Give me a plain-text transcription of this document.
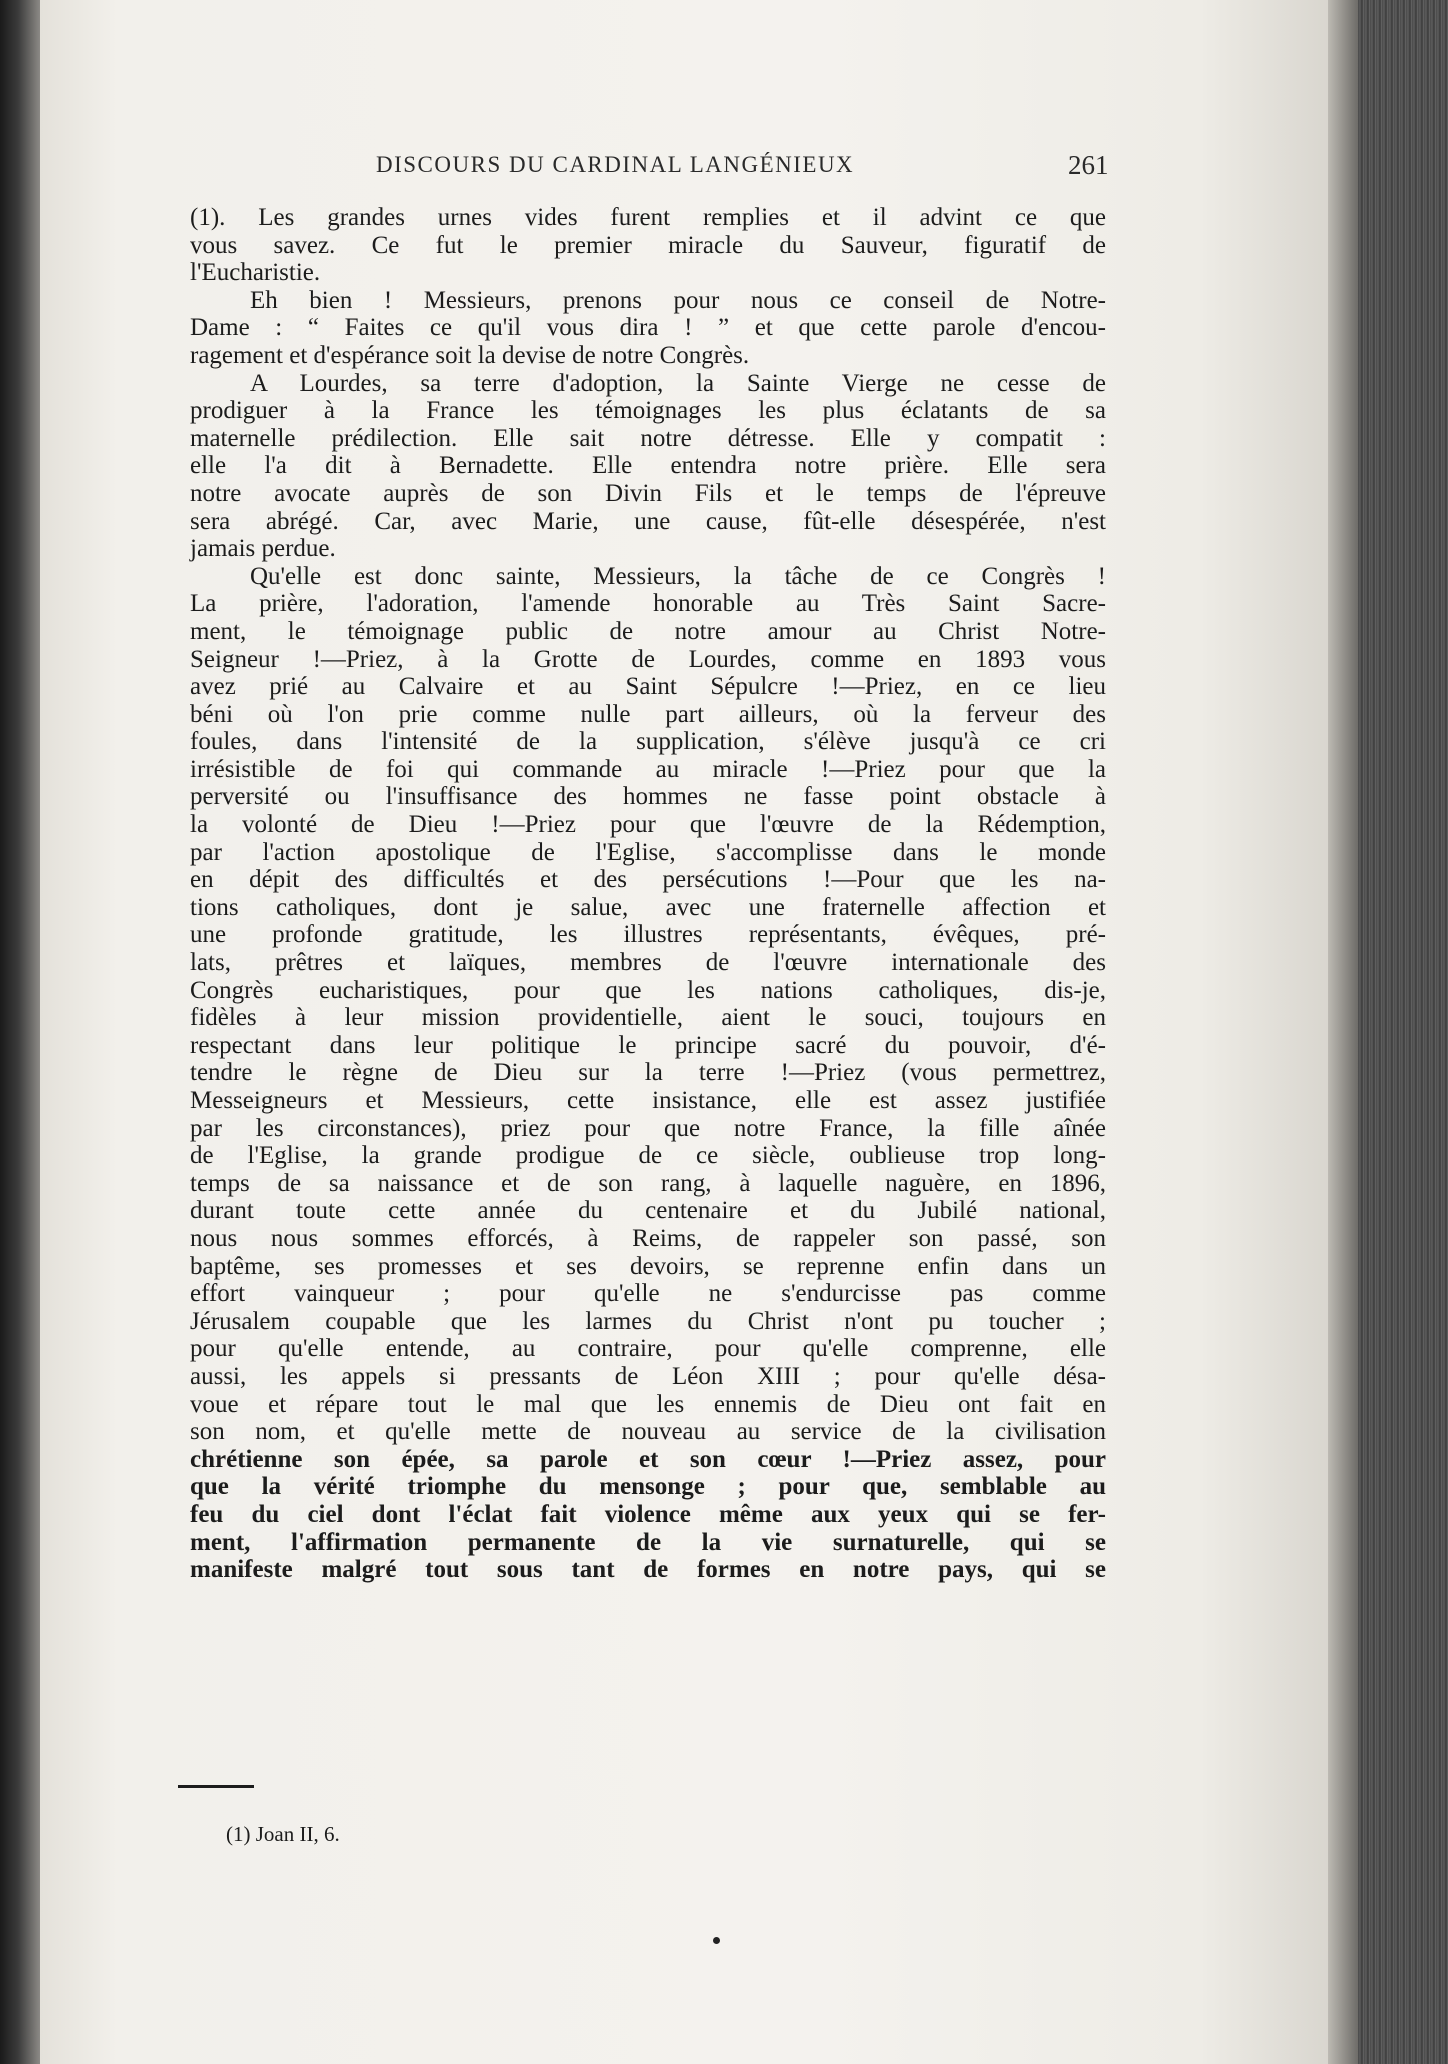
DISCOURS DU CARDINAL LANGÉNIEUX	261
(1). Les grandes urnes vides furent remplies et il advint ce que
vous savez. Ce fut le premier miracle du Sauveur, figuratif de
l'Eucharistie.
Eh bien ! Messieurs, prenons pour nous ce conseil de Notre-
Dame : “ Faites ce qu'il vous dira ! ” et que cette parole d'encou-
ragement et d'espérance soit la devise de notre Congrès.
A Lourdes, sa terre d'adoption, la Sainte Vierge ne cesse de
prodiguer à la France les témoignages les plus éclatants de sa
maternelle prédilection. Elle sait notre détresse. Elle y compatit :
elle l'a dit à Bernadette. Elle entendra notre prière. Elle sera
notre avocate auprès de son Divin Fils et le temps de l'épreuve
sera abrégé. Car, avec Marie, une cause, fût-elle désespérée, n'est
jamais perdue.
Qu'elle est donc sainte, Messieurs, la tâche de ce Congrès !
La prière, l'adoration, l'amende honorable au Très Saint Sacre-
ment, le témoignage public de notre amour au Christ Notre-
Seigneur !—Priez, à la Grotte de Lourdes, comme en 1893 vous
avez prié au Calvaire et au Saint Sépulcre !—Priez, en ce lieu
béni où l'on prie comme nulle part ailleurs, où la ferveur des
foules, dans l'intensité de la supplication, s'élève jusqu'à ce cri
irrésistible de foi qui commande au miracle !—Priez pour que la
perversité ou l'insuffisance des hommes ne fasse point obstacle à
la volonté de Dieu !—Priez pour que l'œuvre de la Rédemption,
par l'action apostolique de l'Eglise, s'accomplisse dans le monde
en dépit des difficultés et des persécutions !—Pour que les na-
tions catholiques, dont je salue, avec une fraternelle affection et
une profonde gratitude, les illustres représentants, évêques, pré-
lats, prêtres et laïques, membres de l'œuvre internationale des
Congrès eucharistiques, pour que les nations catholiques, dis-je,
fidèles à leur mission providentielle, aient le souci, toujours en
respectant dans leur politique le principe sacré du pouvoir, d'é-
tendre le règne de Dieu sur la terre !—Priez (vous permettrez,
Messeigneurs et Messieurs, cette insistance, elle est assez justifiée
par les circonstances), priez pour que notre France, la fille aînée
de l'Eglise, la grande prodigue de ce siècle, oublieuse trop long-
temps de sa naissance et de son rang, à laquelle naguère, en 1896,
durant toute cette année du centenaire et du Jubilé national,
nous nous sommes efforcés, à Reims, de rappeler son passé, son
baptême, ses promesses et ses devoirs, se reprenne enfin dans un
effort vainqueur ; pour qu'elle ne s'endurcisse pas comme
Jérusalem coupable que les larmes du Christ n'ont pu toucher ;
pour qu'elle entende, au contraire, pour qu'elle comprenne, elle
aussi, les appels si pressants de Léon XIII ; pour qu'elle désa-
voue et répare tout le mal que les ennemis de Dieu ont fait en
son nom, et qu'elle mette de nouveau au service de la civilisation
chrétienne son épée, sa parole et son cœur !—Priez assez, pour
que la vérité triomphe du mensonge ; pour que, semblable au
feu du ciel dont l'éclat fait violence même aux yeux qui se fer-
ment, l'affirmation permanente de la vie surnaturelle, qui se
manifeste malgré tout sous tant de formes en notre pays, qui se
(1) Joan II, 6.
